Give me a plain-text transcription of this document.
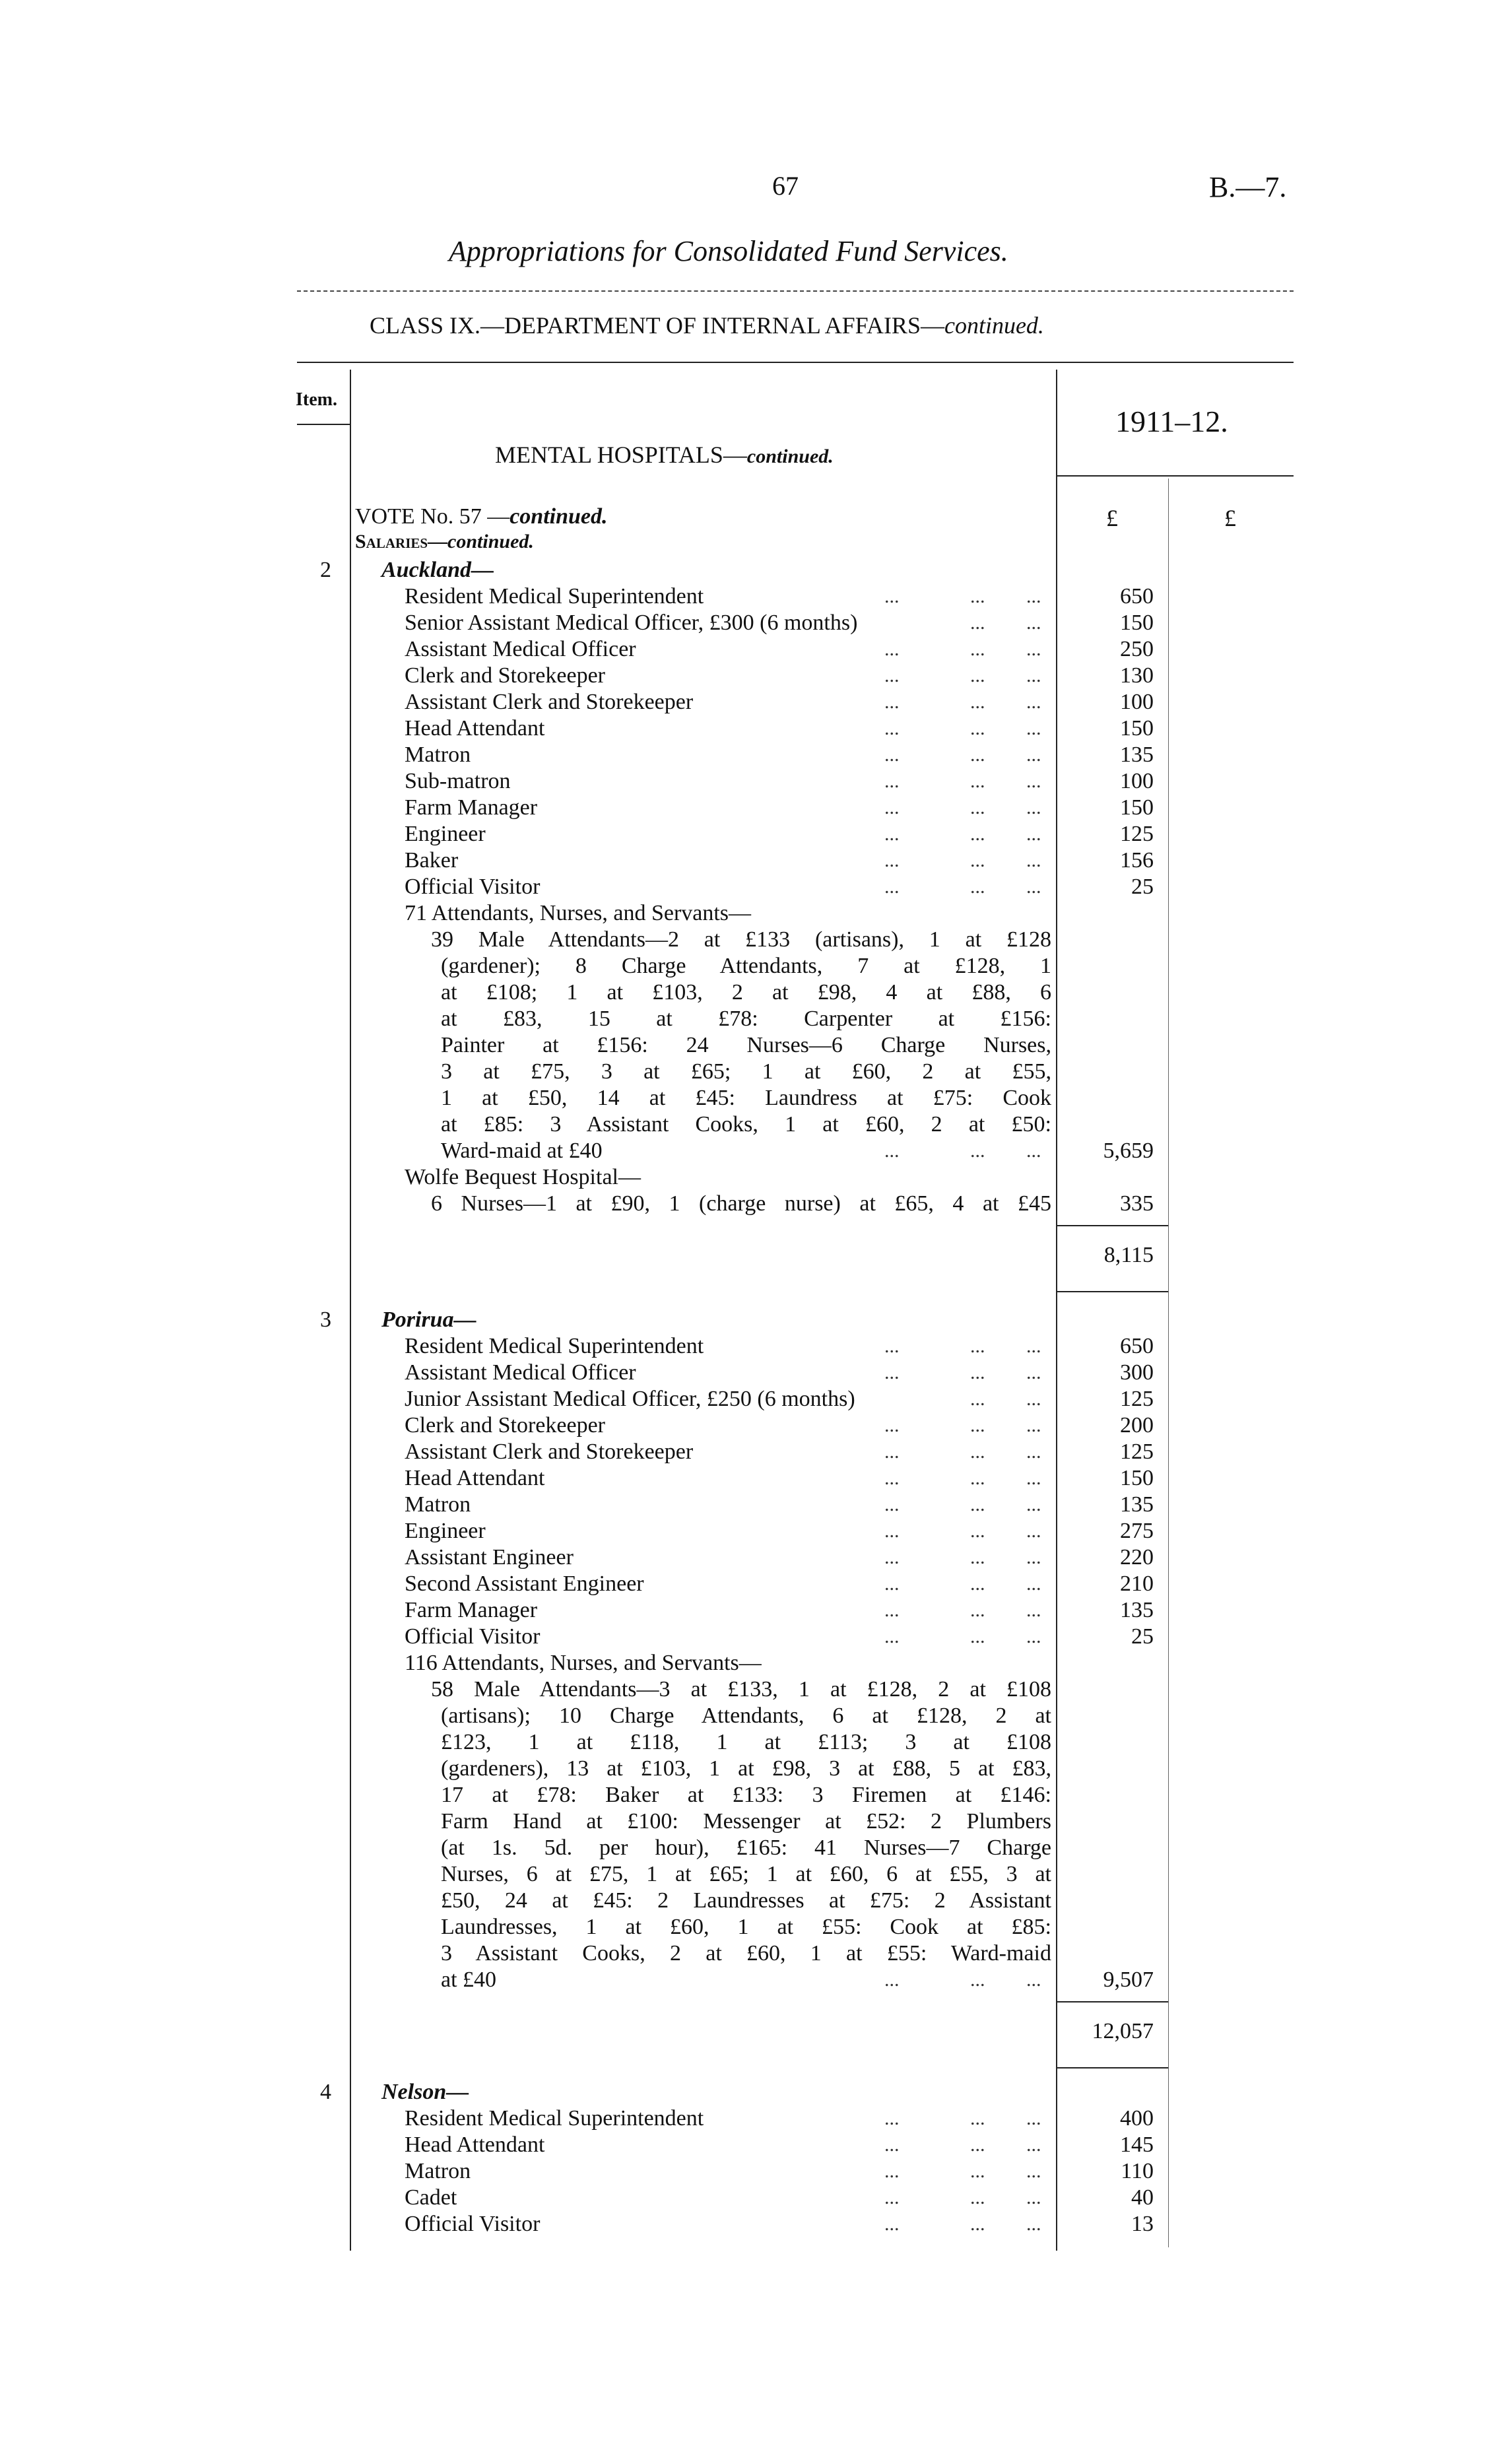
67	B.—7.
Appropriations for Consolidated Fund Services.
CLASS IX.—DEPARTMENT OF INTERNAL AFFAIRS—continued.
Item.
1911–12.
MENTAL HOSPITALS—continued.
£	£
VOTE No. 57 —continued.
Salaries—continued.
2 Auckland—
Resident Medical Superintendent	...	... ...	650
Senior Assistant Medical Officer, £300 (6 months)	... ...	150
Assistant Medical Officer	...	... ...	250
Clerk and Storekeeper	...	... ...	130
Assistant Clerk and Storekeeper	...	... ...	100
Head Attendant	...	... ...	150
Matron	...	... ...	135
Sub-matron	...	... ...	100
Farm Manager	...	... ...	150
Engineer	...	... ...	125
Baker	...	... ...	156
Official Visitor	...	... ...	25
71 Attendants, Nurses, and Servants—
39 Male Attendants—2 at £133 (artisans), 1 at £128
(gardener); 8 Charge Attendants, 7 at £128, 1
at £108; 1 at £103, 2 at £98, 4 at £88, 6
at £83, 15 at £78: Carpenter at £156:
Painter at £156: 24 Nurses—6 Charge Nurses,
3 at £75, 3 at £65; 1 at £60, 2 at £55,
1 at £50, 14 at £45: Laundress at £75: Cook
at £85: 3 Assistant Cooks, 1 at £60, 2 at £50:
Ward-maid at £40	...	... ...	5,659
Wolfe Bequest Hospital—
6 Nurses—1 at £90, 1 (charge nurse) at £65, 4 at £45	335
8,115
3 Porirua—
Resident Medical Superintendent	...	... ...	650
Assistant Medical Officer	...	... ...	300
Junior Assistant Medical Officer, £250 (6 months)	... ...	125
Clerk and Storekeeper	...	... ...	200
Assistant Clerk and Storekeeper	...	... ...	125
Head Attendant	...	... ...	150
Matron	...	... ...	135
Engineer	...	... ...	275
Assistant Engineer	...	... ...	220
Second Assistant Engineer	...	... ...	210
Farm Manager	...	... ...	135
Official Visitor	...	... ...	25
116 Attendants, Nurses, and Servants—
58 Male Attendants—3 at £133, 1 at £128, 2 at £108
(artisans); 10 Charge Attendants, 6 at £128, 2 at
£123, 1 at £118, 1 at £113; 3 at £108
(gardeners), 13 at £103, 1 at £98, 3 at £88, 5 at £83,
17 at £78: Baker at £133: 3 Firemen at £146:
Farm Hand at £100: Messenger at £52: 2 Plumbers
(at 1s. 5d. per hour), £165: 41 Nurses—7 Charge
Nurses, 6 at £75, 1 at £65; 1 at £60, 6 at £55, 3 at
£50, 24 at £45: 2 Laundresses at £75: 2 Assistant
Laundresses, 1 at £60, 1 at £55: Cook at £85:
3 Assistant Cooks, 2 at £60, 1 at £55: Ward-maid
at £40	...	... ...	9,507
12,057
4 Nelson—
Resident Medical Superintendent	...	... ...	400
Head Attendant	...	... ...	145
Matron	...	... ...	110
Cadet	...	... ...	40
Official Visitor	...	... ...	13
